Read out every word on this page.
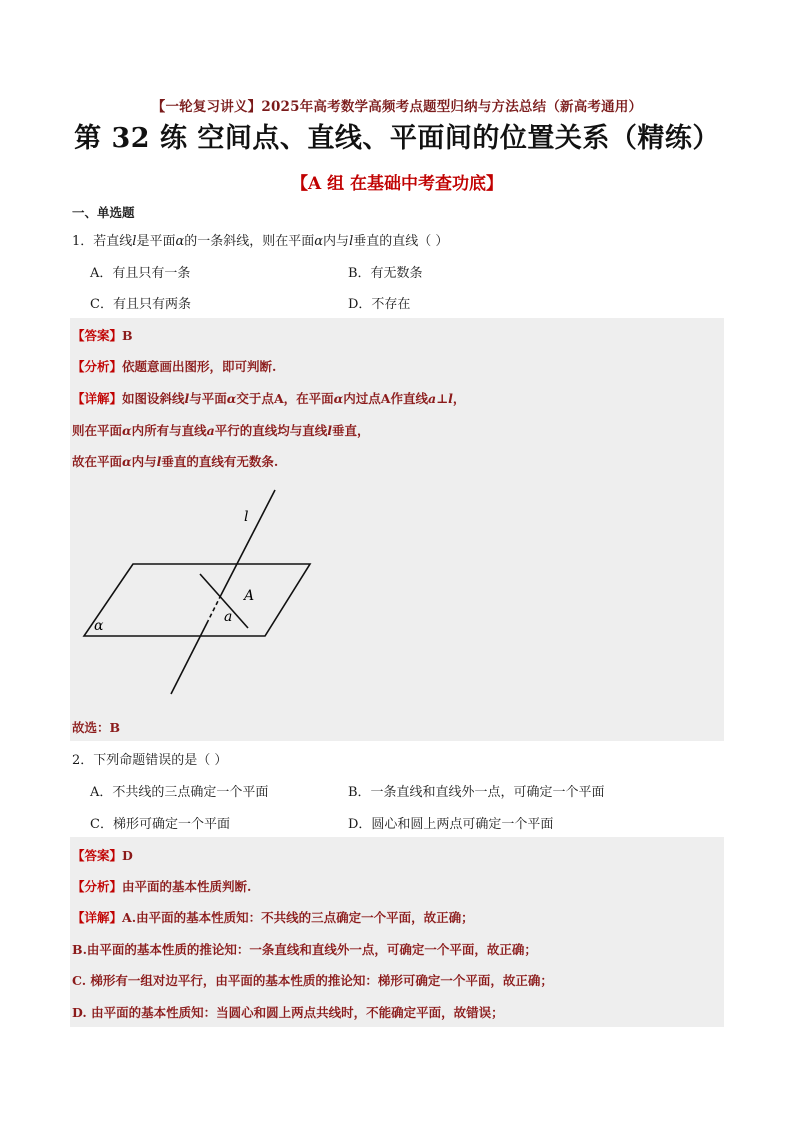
【一轮复习讲义】2025年高考数学高频考点题型归纳与方法总结（新高考通用）
第 32 练 空间点、直线、平面间的位置关系（精练）
【A 组 在基础中考查功底】
一、单选题
1．若直线l是平面α的一条斜线，则在平面α内与l垂直的直线（ ）
A．有且只有一条	B．有无数条
C．有且只有两条	D．不存在
【答案】B
【分析】依题意画出图形，即可判断.
【详解】如图设斜线l与平面α交于点A，在平面α内过点A作直线a⊥l，
则在平面α内所有与直线a平行的直线均与直线l垂直，
故在平面α内与l垂直的直线有无数条.
l
A
a
α
故选：B
2．下列命题错误的是（ ）
A．不共线的三点确定一个平面	B．一条直线和直线外一点，可确定一个平面
C．梯形可确定一个平面	D．圆心和圆上两点可确定一个平面
【答案】D
【分析】由平面的基本性质判断.
【详解】A.由平面的基本性质知：不共线的三点确定一个平面，故正确；
B.由平面的基本性质的推论知：一条直线和直线外一点，可确定一个平面，故正确；
C. 梯形有一组对边平行，由平面的基本性质的推论知：梯形可确定一个平面，故正确；
D. 由平面的基本性质知：当圆心和圆上两点共线时，不能确定平面，故错误；
